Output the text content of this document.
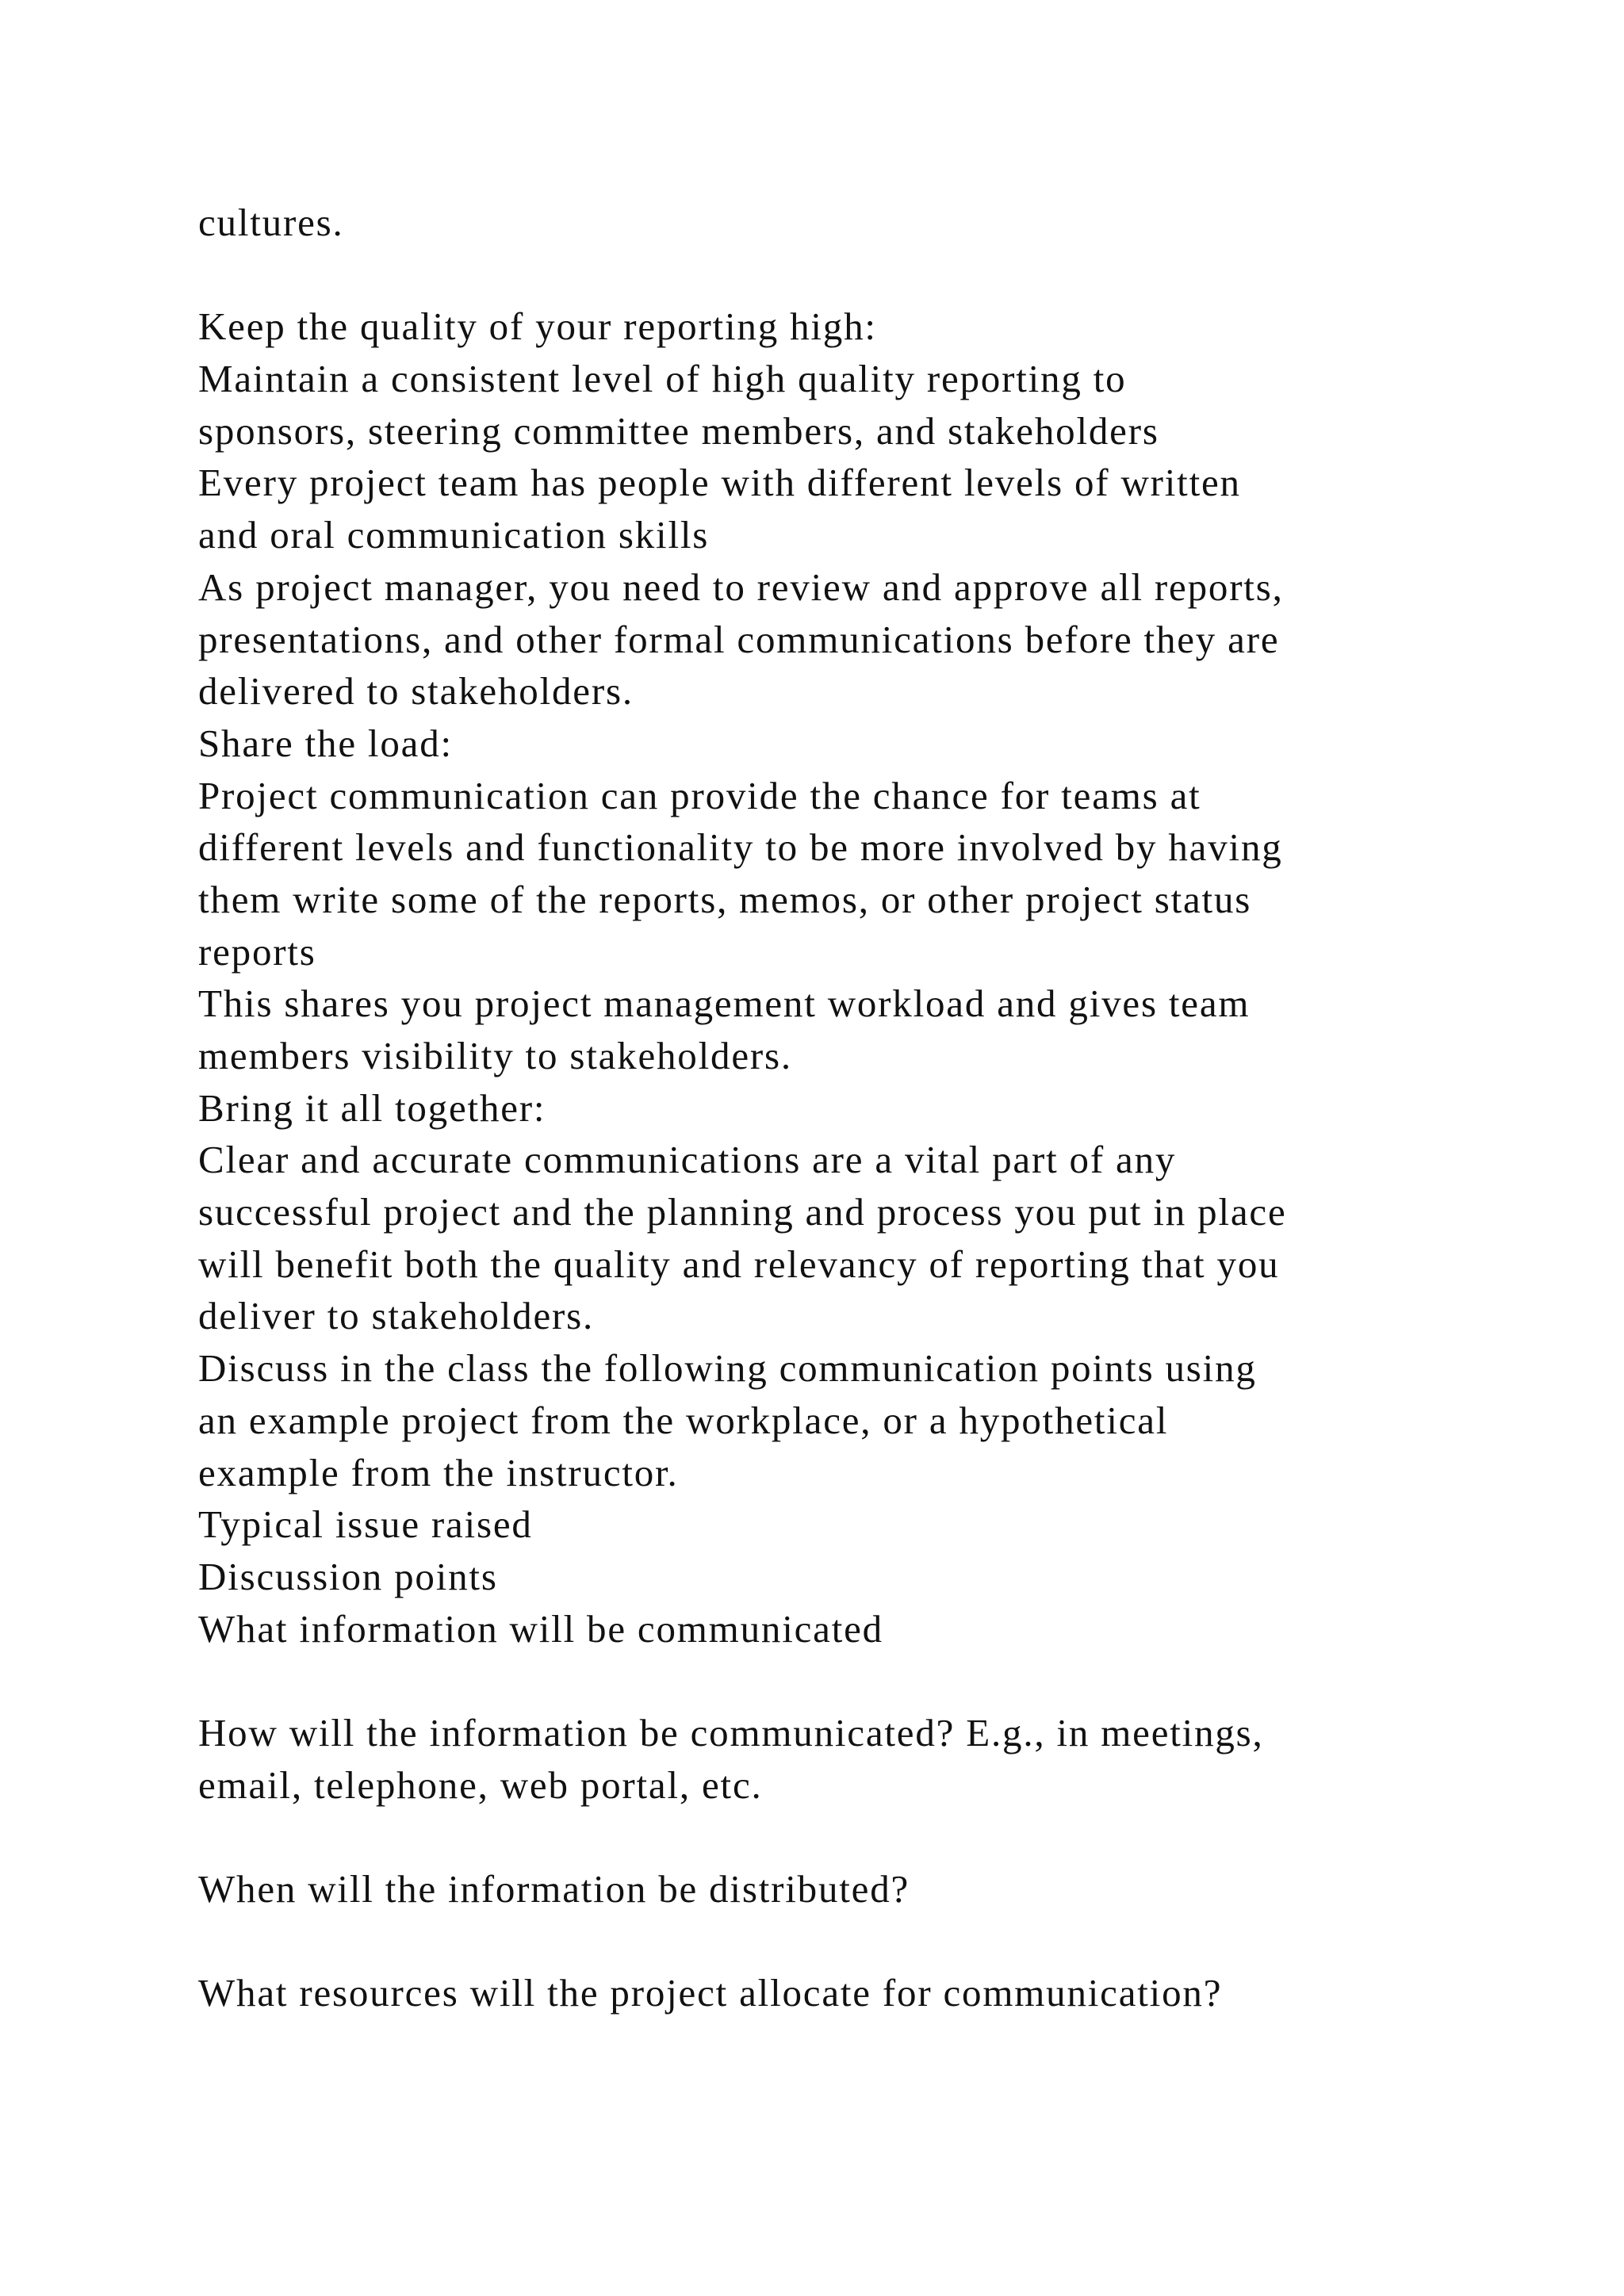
cultures.
Keep the quality of your reporting high:
Maintain a consistent level of high quality reporting to
sponsors, steering committee members, and stakeholders
Every project team has people with different levels of written
and oral communication skills
As project manager, you need to review and approve all reports,
presentations, and other formal communications before they are
delivered to stakeholders.
Share the load:
Project communication can provide the chance for teams at
different levels and functionality to be more involved by having
them write some of the reports, memos, or other project status
reports
This shares you project management workload and gives team
members visibility to stakeholders.
Bring it all together:
Clear and accurate communications are a vital part of any
successful project and the planning and process you put in place
will benefit both the quality and relevancy of reporting that you
deliver to stakeholders.
Discuss in the class the following communication points using
an example project from the workplace, or a hypothetical
example from the instructor.
Typical issue raised
Discussion points
What information will be communicated
How will the information be communicated? E.g., in meetings,
email, telephone, web portal, etc.
When will the information be distributed?
What resources will the project allocate for communication?
